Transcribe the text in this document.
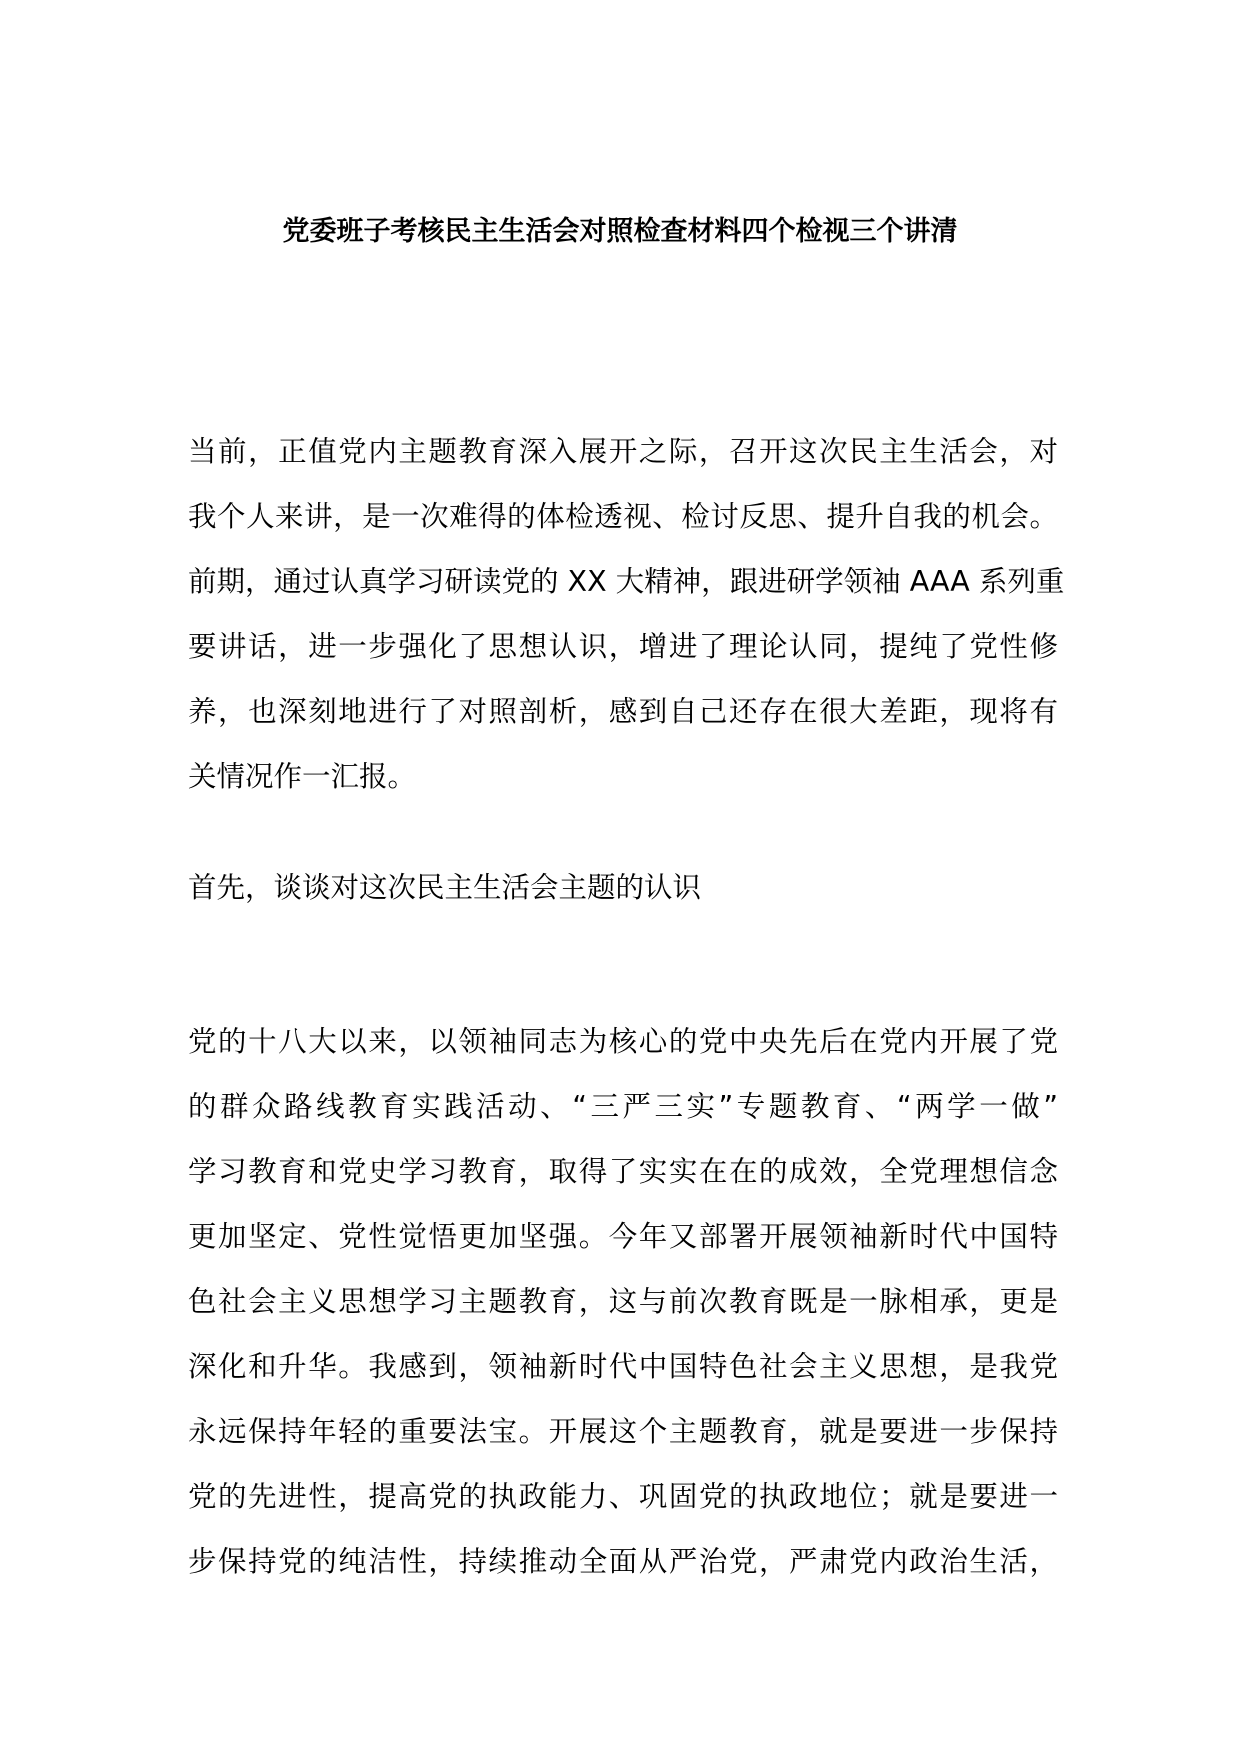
党委班子考核民主生活会对照检查材料四个检视三个讲清
当前，正值党内主题教育深入展开之际，召开这次民主生活会，对
我个人来讲，是一次难得的体检透视、检讨反思、提升自我的机会。
前期，通过认真学习研读党的 XX 大精神，跟进研学领袖 AAA 系列重
要讲话，进一步强化了思想认识，增进了理论认同，提纯了党性修
养，也深刻地进行了对照剖析，感到自己还存在很大差距，现将有
关情况作一汇报。
首先，谈谈对这次民主生活会主题的认识
党的十八大以来，以领袖同志为核心的党中央先后在党内开展了党
的群众路线教育实践活动、“三严三实”专题教育、“两学一做”
学习教育和党史学习教育，取得了实实在在的成效，全党理想信念
更加坚定、党性觉悟更加坚强。今年又部署开展领袖新时代中国特
色社会主义思想学习主题教育，这与前次教育既是一脉相承，更是
深化和升华。我感到，领袖新时代中国特色社会主义思想，是我党
永远保持年轻的重要法宝。开展这个主题教育，就是要进一步保持
党的先进性，提高党的执政能力、巩固党的执政地位；就是要进一
步保持党的纯洁性，持续推动全面从严治党，严肃党内政治生活，
